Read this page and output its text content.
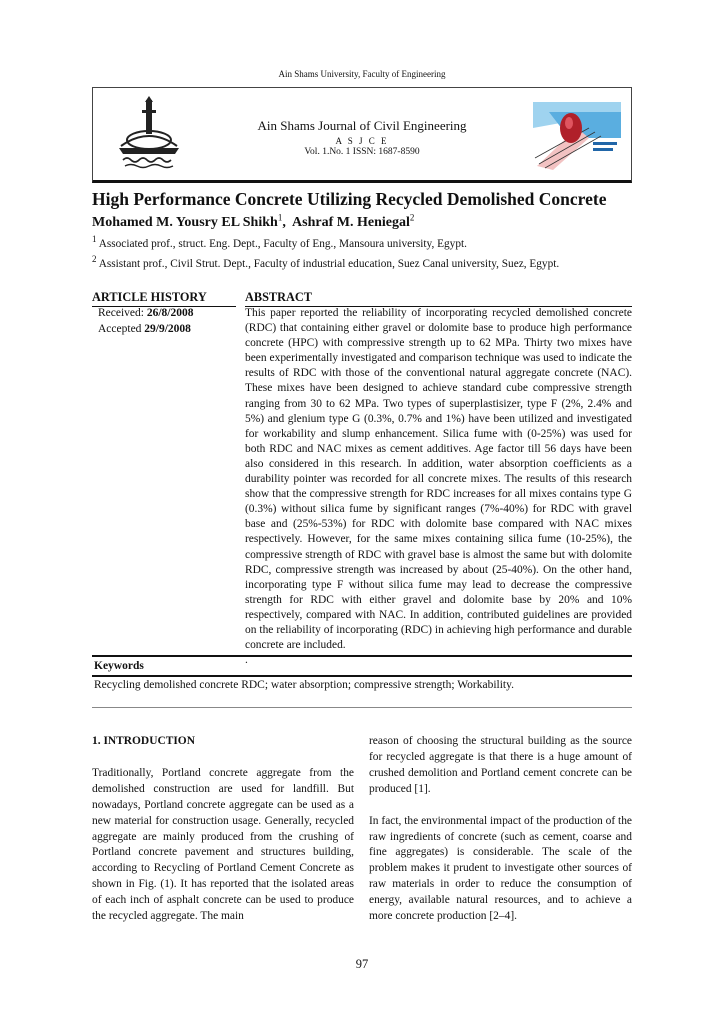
Ain Shams University, Faculty of Engineering
Ain Shams Journal of Civil Engineering
A S J C E
Vol. 1.No. 1 ISSN: 1687-8590
High Performance Concrete Utilizing Recycled Demolished Concrete
Mohamed M. Yousry EL Shikh$^1$,  Ashraf M. Heniegal$^2$
$^1$ Associated prof., struct. Eng. Dept., Faculty of Eng., Mansoura university, Egypt.
$^2$ Assistant prof., Civil Strut. Dept., Faculty of industrial education, Suez Canal university, Suez, Egypt.
ARTICLE HISTORY
Received: 26/8/2008
Accepted 29/9/2008
ABSTRACT
This paper reported the reliability of incorporating recycled demolished concrete (RDC) that containing either gravel or dolomite base to produce high performance concrete (HPC) with compressive strength up to 62 MPa. Thirty two mixes have been experimentally investigated and comparison technique was used to indicate the results of RDC with those of the conventional natural aggregate concrete (NAC). These mixes have been designed to achieve standard cube compressive strength ranging from 30 to 62 MPa. Two types of superplastisizer, type F (2%, 2.4% and 5%) and glenium type G (0.3%, 0.7% and 1%) have been utilized and investigated for workability and slump enhancement. Silica fume with (0-25%) was used for both RDC and NAC mixes as cement additives. Age factor till 56 days have been also considered in this research. In addition, water absorption coefficients as a durability pointer was recorded for all concrete mixes. The results of this research show that the compressive strength for RDC increases for all mixes contains type G (0.3%) without silica fume by significant ranges (7%-40%) for RDC with gravel base and (25%-53%) for RDC with dolomite base compared with NAC mixes respectively. However, for the same mixes containing silica fume (10-25%), the compressive strength of RDC with gravel base is almost the same but with dolomite RDC, compressive strength was increased by about (25-40%). On the other hand, incorporating type F without silica fume may lead to decrease the compressive strength for RDC with either gravel and dolomite base by 20% and 10% respectively, compared with NAC. In addition, contributed guidelines are provided on the reliability of incorporating (RDC) in achieving high performance and durable concrete are included.
.
Keywords
Recycling demolished concrete RDC; water absorption; compressive strength; Workability.
1. INTRODUCTION

Traditionally, Portland concrete aggregate from the demolished construction are used for landfill. But nowadays, Portland concrete aggregate can be used as a new material for construction usage. Generally, recycled aggregate are mainly produced from the crushing of Portland concrete pavement and structures building, according to Recycling of Portland Cement Concrete as shown in Fig. (1). It has reported that the isolated areas of each inch of asphalt concrete can be used to produce the recycled aggregate. The main

reason of choosing the structural building as the source for recycled aggregate is that there is a huge amount of crushed demolition and Portland cement concrete can be produced [1].

In fact, the environmental impact of the production of the raw ingredients of concrete (such as cement, coarse and fine aggregates) is considerable. The scale of the problem makes it prudent to investigate other sources of raw materials in order to reduce the consumption of energy, available natural resources, and to achieve a more concrete production [2–4].

97
